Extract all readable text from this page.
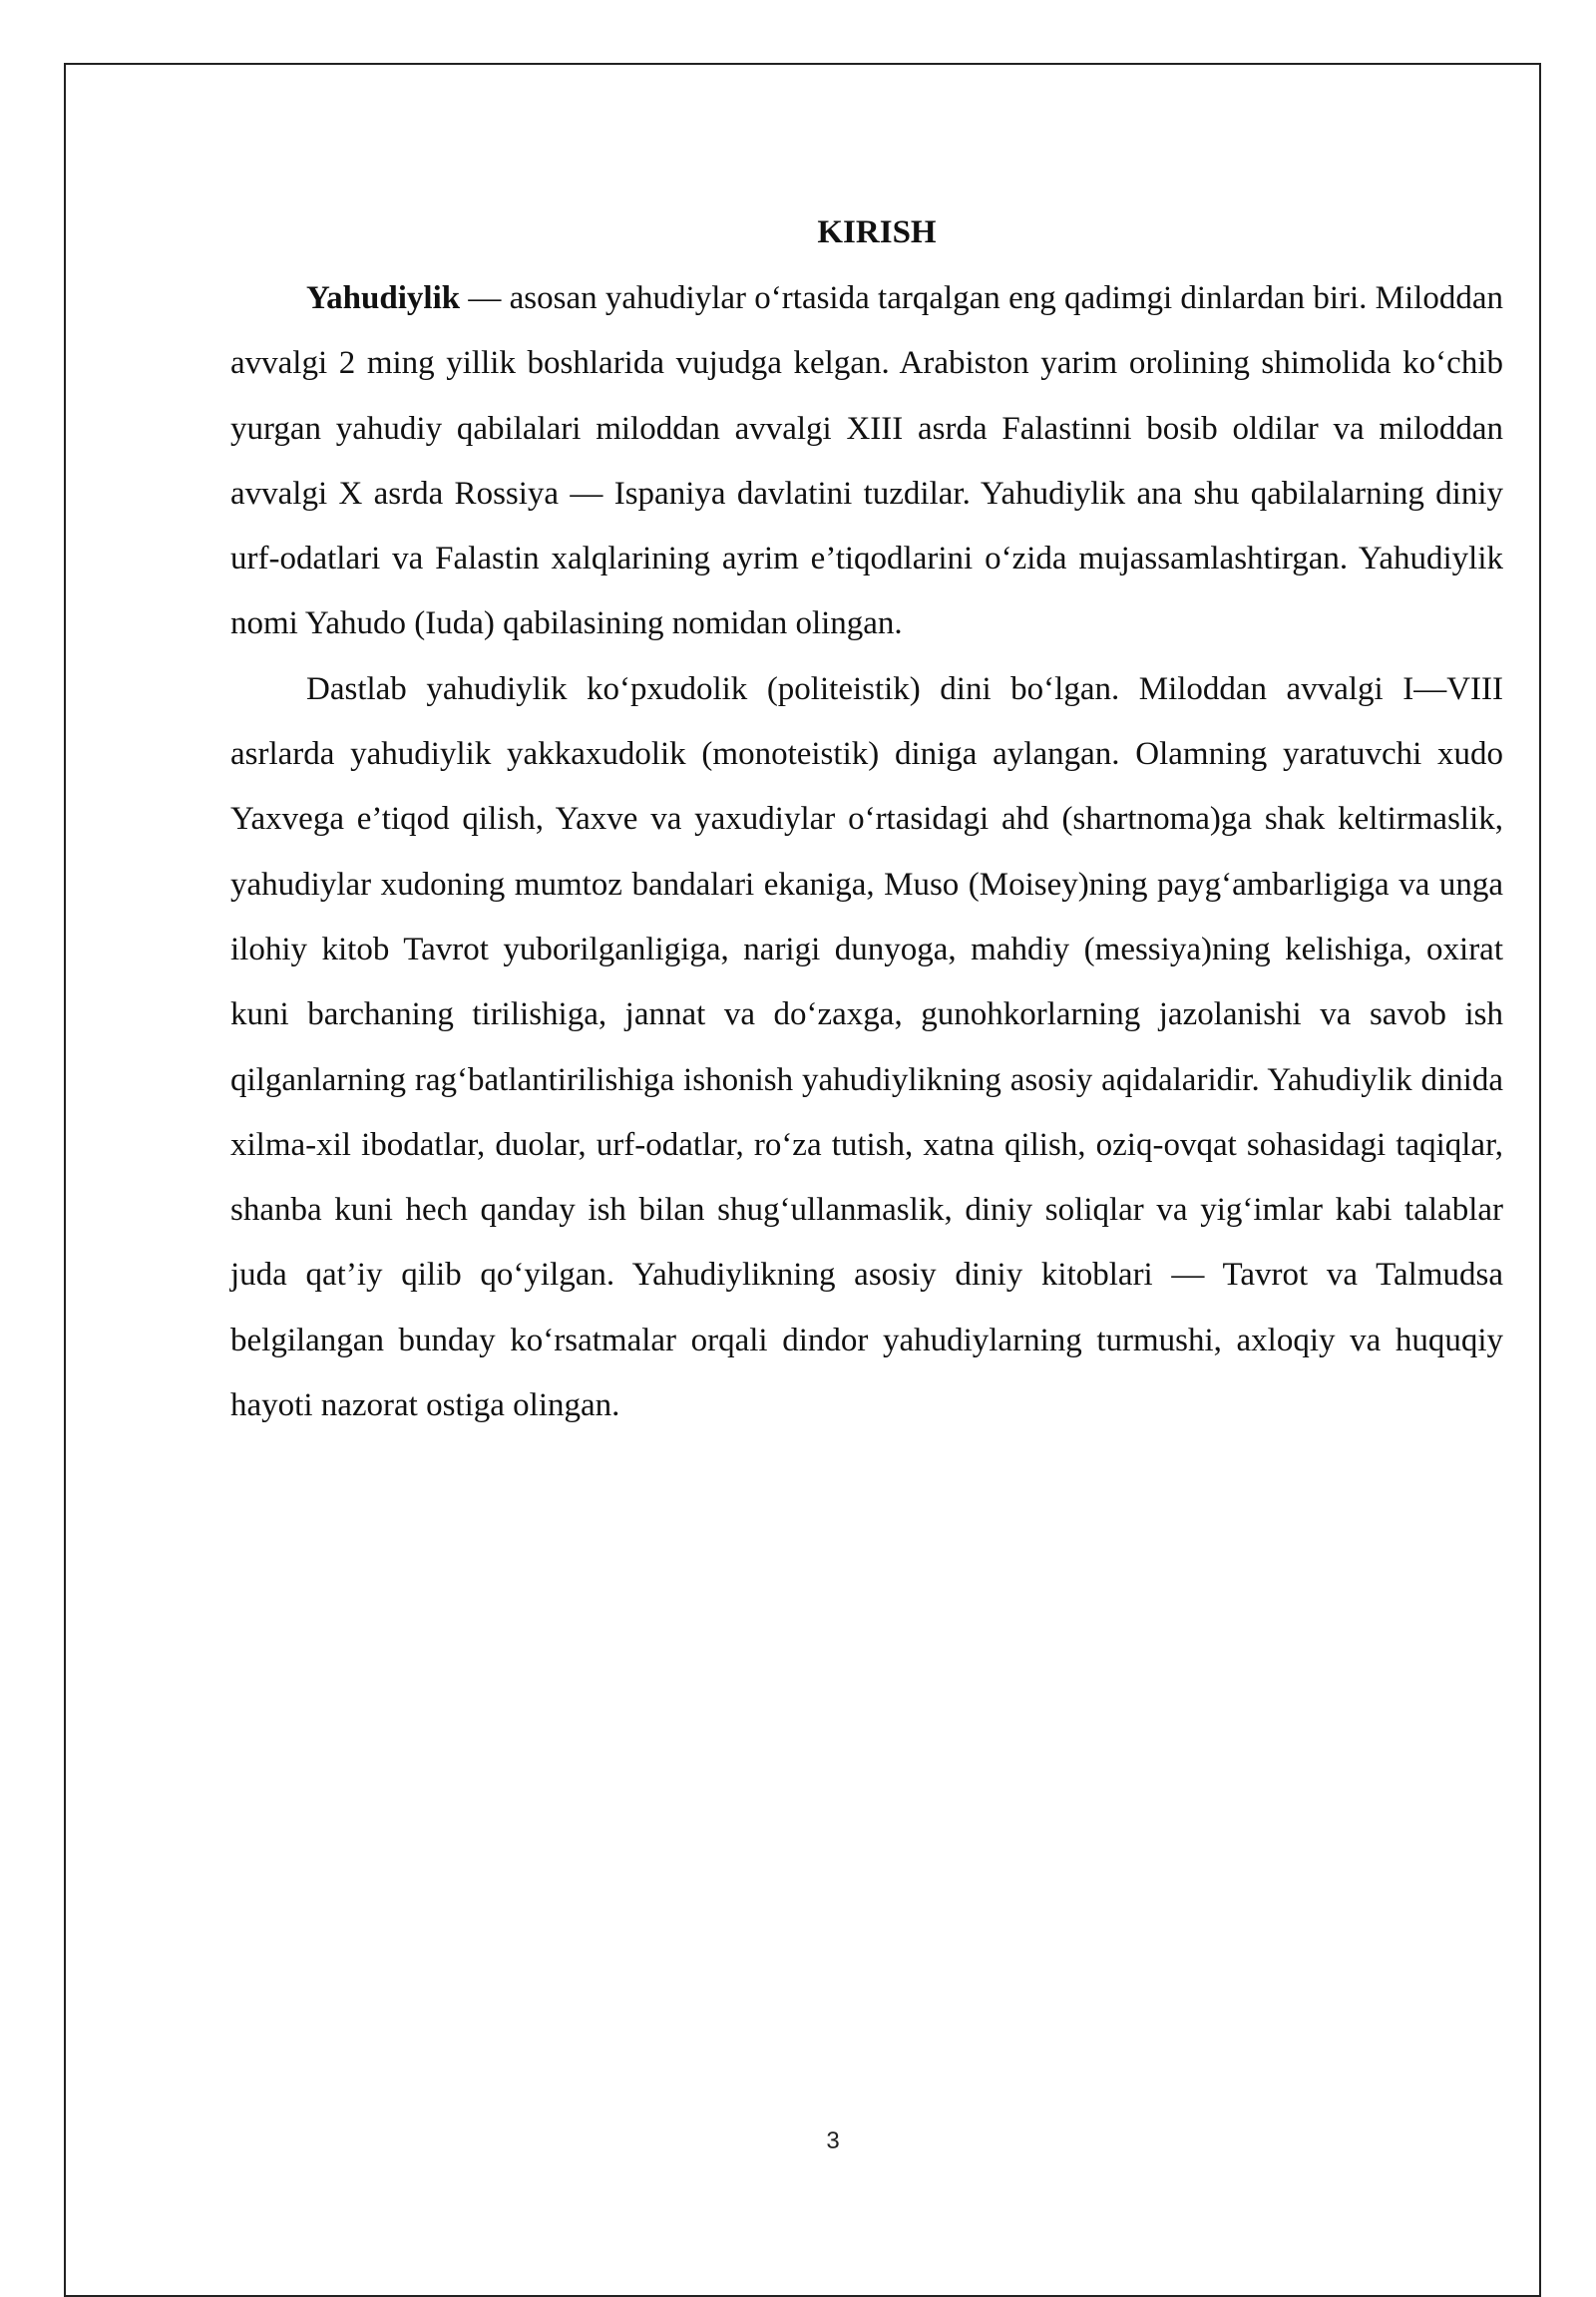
KIRISH

Yahudiylik — asosan yahudiylar o‘rtasida tarqalgan eng qadimgi dinlardan biri. Miloddan avvalgi 2 ming yillik boshlarida vujudga kelgan. Arabiston yarim orolining shimolida ko‘chib yurgan yahudiy qabilalari miloddan avvalgi XIII asrda Falastinni bosib oldilar va miloddan avvalgi X asrda Rossiya — Ispaniya davlatini tuzdilar. Yahudiylik ana shu qabilalarning diniy urf-odatlari va Falastin xalqlarining ayrim e’tiqodlarini o‘zida mujassamlashtirgan. Yahudiylik nomi Yahudo (Iuda) qabilasining nomidan olingan.

Dastlab yahudiylik ko‘pxudolik (politeistik) dini bo‘lgan. Miloddan avvalgi I—VIII asrlarda yahudiylik yakkaxudolik (monoteistik) diniga aylangan. Olamning yaratuvchi xudo Yaxvega e’tiqod qilish, Yaxve va yaxudiylar o‘rtasidagi ahd (shartnoma)ga shak keltirmaslik, yahudiylar xudoning mumtoz bandalari ekaniga, Muso (Moisey)ning payg‘ambarligiga va unga ilohiy kitob Tavrot yuborilganligiga, narigi dunyoga, mahdiy (messiya)ning kelishiga, oxirat kuni barchaning tirilishiga, jannat va do‘zaxga, gunohkorlarning jazolanishi va savob ish qilganlarning rag‘batlantirilishiga ishonish yahudiylikning asosiy aqidalaridir. Yahudiylik dinida xilma-xil ibodatlar, duolar, urf-odatlar, ro‘za tutish, xatna qilish, oziq-ovqat sohasidagi taqiqlar, shanba kuni hech qanday ish bilan shug‘ullanmaslik, diniy soliqlar va yig‘imlar kabi talablar juda qat’iy qilib qo‘yilgan. Yahudiylikning asosiy diniy kitoblari — Tavrot va Talmudsa belgilangan bunday ko‘rsatmalar orqali dindor yahudiylarning turmushi, axloqiy va huquqiy hayoti nazorat ostiga olingan.

3
